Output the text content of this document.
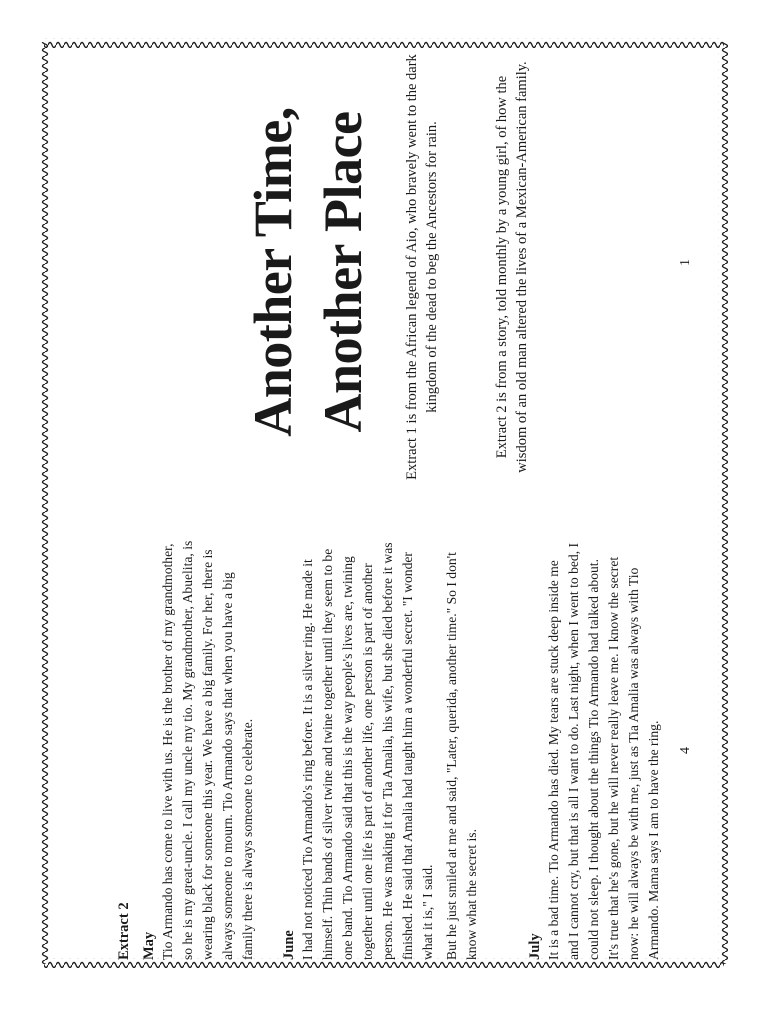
Extract 2 May Tio Armando has come to live with us. He is the brother of my grandmother, so he is my great-uncle. I call my uncle my tio. My grandmother, Abuelita, is wearing black for someone this year. We have a big family. For her, there is always someone to mourn. Tio Armando says that when you have a big family there is always someone to celebrate. June I had not noticed Tio Armando's ring before. It is a silver ring. He made it himself. Thin bands of silver twine and twine together until they seem to be one band. Tio Armando said that this is the way people's lives are, twining together until one life is part of another life, one person is part of another person. He was making it for Tia Amalia, his wife, but she died before it was finished. He said that Amalia had taught him a wonderful secret. "I wonder what it is," I said. But he just smiled at me and said, "Later, querida, another time." So I don't know what the secret is.	July It is a bad time. Tio Armando has died. My tears are stuck deep inside me and I cannot cry, but that is all I want to do. Last night, when I went to bed, I could not sleep. I thought about the things Tio Armando had talked about. It's true that he's gone, but he will never really leave me. I know the secret now: he will always be with me, just as Tia Amalia was always with Tio Armando. Mama says I am to have the ring. 4
Another Time, Another Place	Extract 1 is from the African legend of Aio, who bravely went to the dark kingdom of the dead to beg the Ancestors for rain.	Extract 2 is from a story, told monthly by a young girl, of how the wisdom of an old man altered the lives of a Mexican-American family.	1
